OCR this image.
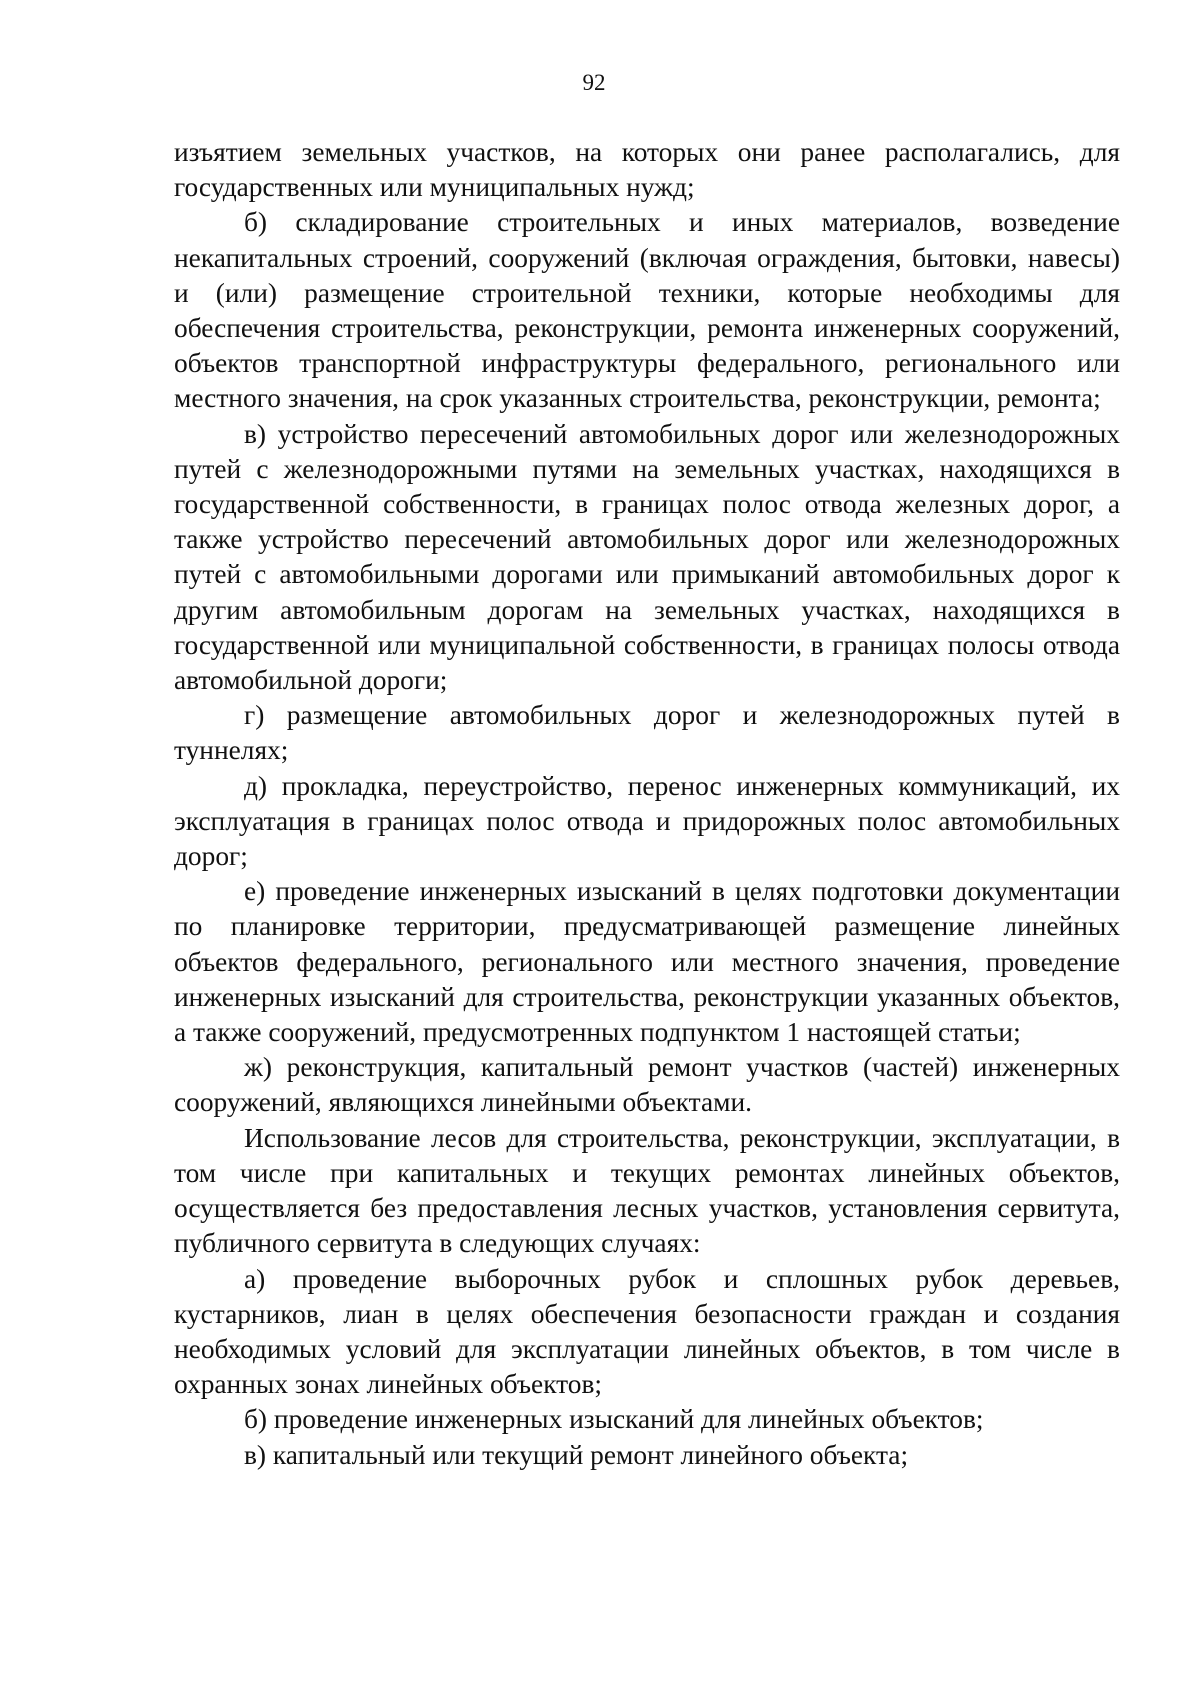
92

изъятием земельных участков, на которых они ранее располагались, для государственных или муниципальных нужд;

б) складирование строительных и иных материалов, возведение некапитальных строений, сооружений (включая ограждения, бытовки, навесы) и (или) размещение строительной техники, которые необходимы для обеспечения строительства, реконструкции, ремонта инженерных сооружений, объектов транспортной инфраструктуры федерального, регионального или местного значения, на срок указанных строительства, реконструкции, ремонта;

в) устройство пересечений автомобильных дорог или железнодорожных путей с железнодорожными путями на земельных участках, находящихся в государственной собственности, в границах полос отвода железных дорог, а также устройство пересечений автомобильных дорог или железнодорожных путей с автомобильными дорогами или примыканий автомобильных дорог к другим автомобильным дорогам на земельных участках, находящихся в государственной или муниципальной собственности, в границах полосы отвода автомобильной дороги;

г) размещение автомобильных дорог и железнодорожных путей в туннелях;

д) прокладка, переустройство, перенос инженерных коммуникаций, их эксплуатация в границах полос отвода и придорожных полос автомобильных дорог;

е) проведение инженерных изысканий в целях подготовки документации по планировке территории, предусматривающей размещение линейных объектов федерального, регионального или местного значения, проведение инженерных изысканий для строительства, реконструкции указанных объектов, а также сооружений, предусмотренных подпунктом 1 настоящей статьи;

ж) реконструкция, капитальный ремонт участков (частей) инженерных сооружений, являющихся линейными объектами.

Использование лесов для строительства, реконструкции, эксплуатации, в том числе при капитальных и текущих ремонтах линейных объектов, осуществляется без предоставления лесных участков, установления сервитута, публичного сервитута в следующих случаях:

а) проведение выборочных рубок и сплошных рубок деревьев, кустарников, лиан в целях обеспечения безопасности граждан и создания необходимых условий для эксплуатации линейных объектов, в том числе в охранных зонах линейных объектов;

б) проведение инженерных изысканий для линейных объектов;

в) капитальный или текущий ремонт линейного объекта;
